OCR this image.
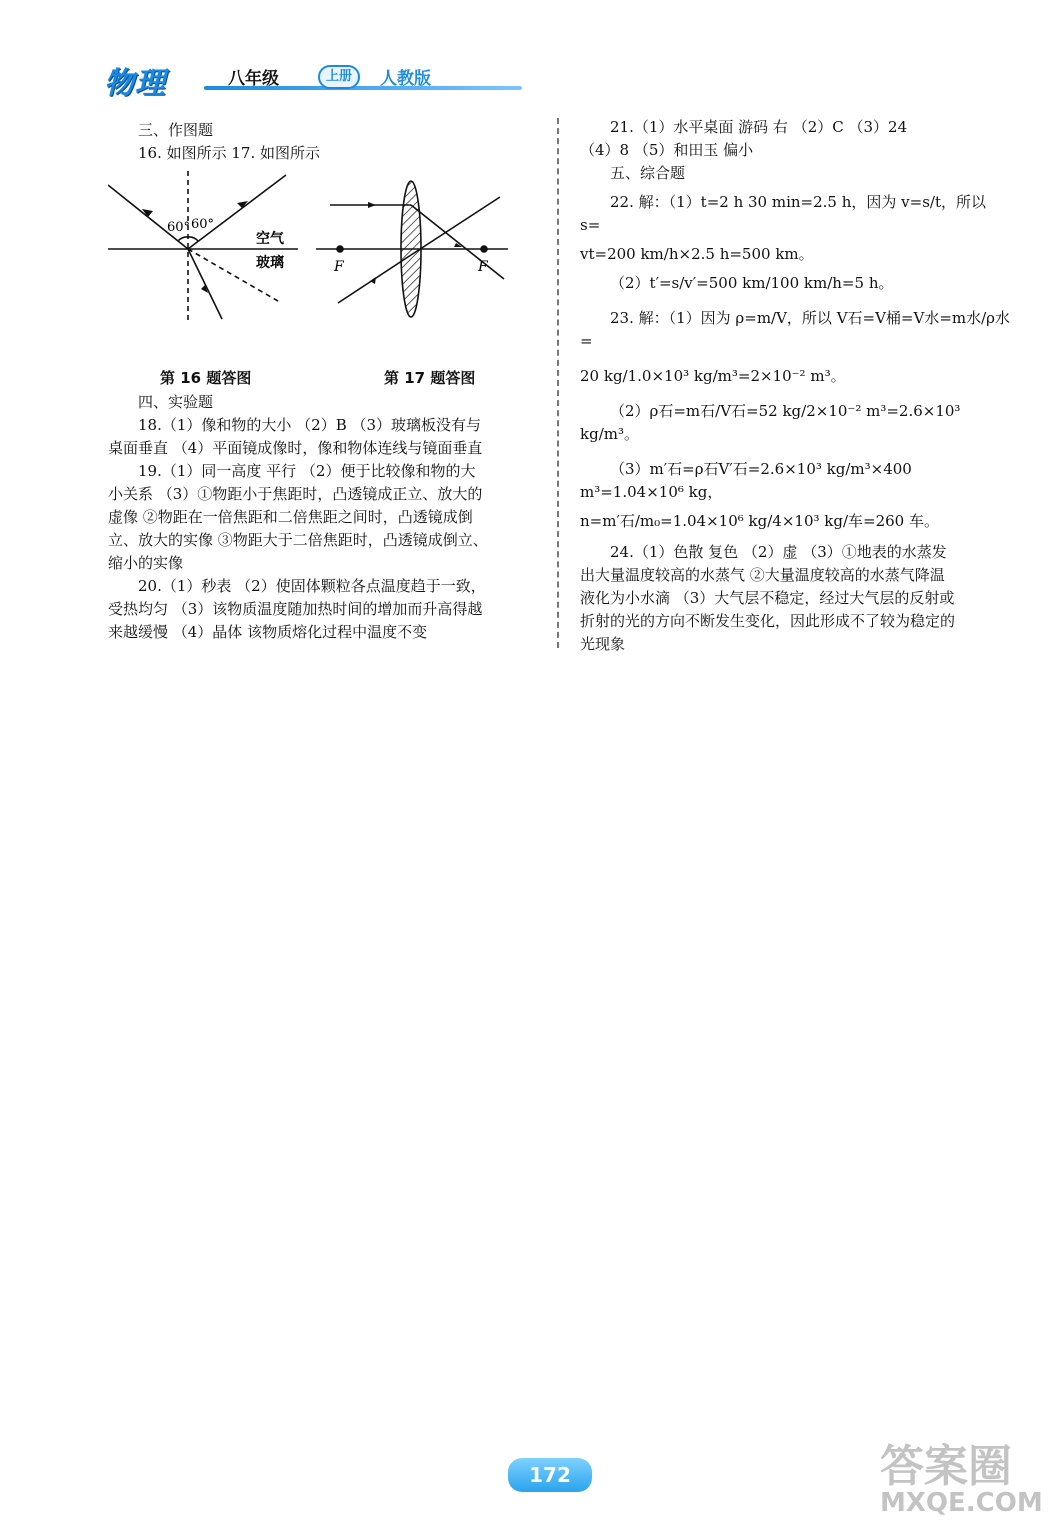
物理	八年级	上册	人教版

三、作图题

16. 如图所示 17. 如图所示

60° 60°
空气
玻璃	F	F
第 16 题答图	第 17 题答图

四、实验题

18.（1）像和物的大小 （2）B （3）玻璃板没有与

桌面垂直 （4）平面镜成像时，像和物体连线与镜面垂直

19.（1）同一高度 平行 （2）便于比较像和物的大

小关系 （3）①物距小于焦距时，凸透镜成正立、放大的

虚像 ②物距在一倍焦距和二倍焦距之间时，凸透镜成倒

立、放大的实像 ③物距大于二倍焦距时，凸透镜成倒立、

缩小的实像

20.（1）秒表 （2）使固体颗粒各点温度趋于一致，

受热均匀 （3）该物质温度随加热时间的增加而升高得越

来越缓慢 （4）晶体 该物质熔化过程中温度不变

21.（1）水平桌面 游码 右 （2）C （3）24

（4）8 （5）和田玉 偏小

五、综合题

22. 解：（1）t=2 h 30 min=2.5 h，因为 v=s/t，所以 s=

vt=200 km/h×2.5 h=500 km。

（2）t′=s/v′=500 km/100 km/h=5 h。

23. 解：（1）因为 ρ=m/V，所以 V石=V桶=V水=m水/ρ水=

20 kg/1.0×10³ kg/m³=2×10⁻² m³。

（2）ρ石=m石/V石=52 kg/2×10⁻² m³=2.6×10³ kg/m³。

（3）m′石=ρ石V′石=2.6×10³ kg/m³×400 m³=1.04×10⁶ kg，

n=m′石/m₀=1.04×10⁶ kg/4×10³ kg/车=260 车。

24.（1）色散 复色 （2）虚 （3）①地表的水蒸发

出大量温度较高的水蒸气 ②大量温度较高的水蒸气降温

液化为小水滴 （3）大气层不稳定，经过大气层的反射或

折射的光的方向不断发生变化，因此形成不了较为稳定的

光现象

172	答案圈
MXQE.COM
